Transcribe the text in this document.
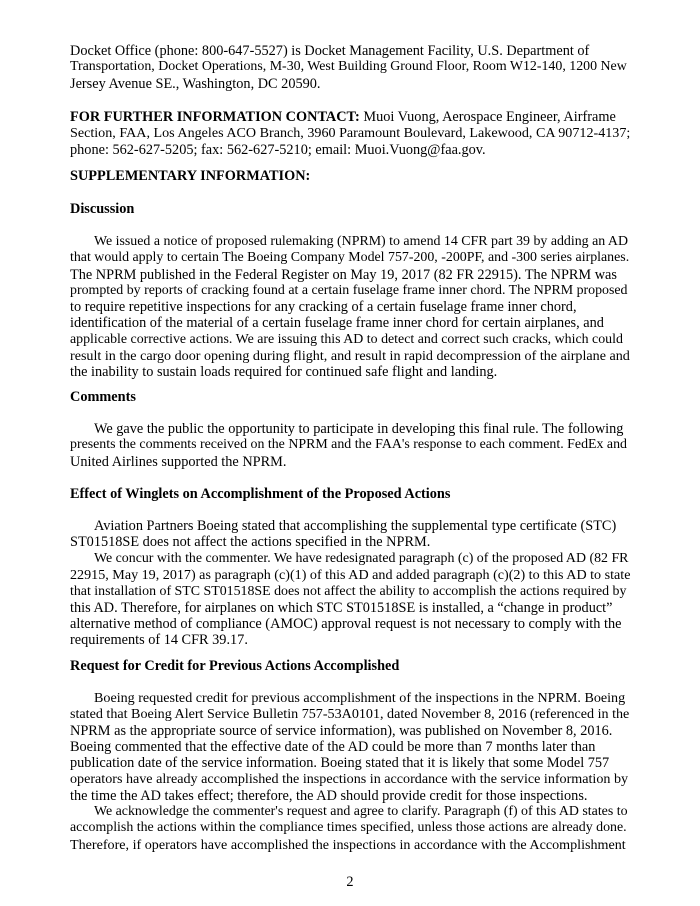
Docket Office (phone: 800-647-5527) is Docket Management Facility, U.S. Department of
Transportation, Docket Operations, M-30, West Building Ground Floor, Room W12-140, 1200 New
Jersey Avenue SE., Washington, DC 20590.
FOR FURTHER INFORMATION CONTACT: Muoi Vuong, Aerospace Engineer, Airframe
Section, FAA, Los Angeles ACO Branch, 3960 Paramount Boulevard, Lakewood, CA 90712-4137;
phone: 562-627-5205; fax: 562-627-5210; email: Muoi.Vuong@faa.gov.
SUPPLEMENTARY INFORMATION:
Discussion
We issued a notice of proposed rulemaking (NPRM) to amend 14 CFR part 39 by adding an AD
that would apply to certain The Boeing Company Model 757-200, -200PF, and -300 series airplanes.
The NPRM published in the Federal Register on May 19, 2017 (82 FR 22915). The NPRM was
prompted by reports of cracking found at a certain fuselage frame inner chord. The NPRM proposed
to require repetitive inspections for any cracking of a certain fuselage frame inner chord,
identification of the material of a certain fuselage frame inner chord for certain airplanes, and
applicable corrective actions. We are issuing this AD to detect and correct such cracks, which could
result in the cargo door opening during flight, and result in rapid decompression of the airplane and
the inability to sustain loads required for continued safe flight and landing.
Comments
We gave the public the opportunity to participate in developing this final rule. The following
presents the comments received on the NPRM and the FAA's response to each comment. FedEx and
United Airlines supported the NPRM.
Effect of Winglets on Accomplishment of the Proposed Actions
Aviation Partners Boeing stated that accomplishing the supplemental type certificate (STC)
ST01518SE does not affect the actions specified in the NPRM.
We concur with the commenter. We have redesignated paragraph (c) of the proposed AD (82 FR
22915, May 19, 2017) as paragraph (c)(1) of this AD and added paragraph (c)(2) to this AD to state
that installation of STC ST01518SE does not affect the ability to accomplish the actions required by
this AD. Therefore, for airplanes on which STC ST01518SE is installed, a “change in product”
alternative method of compliance (AMOC) approval request is not necessary to comply with the
requirements of 14 CFR 39.17.
Request for Credit for Previous Actions Accomplished
Boeing requested credit for previous accomplishment of the inspections in the NPRM. Boeing
stated that Boeing Alert Service Bulletin 757-53A0101, dated November 8, 2016 (referenced in the
NPRM as the appropriate source of service information), was published on November 8, 2016.
Boeing commented that the effective date of the AD could be more than 7 months later than
publication date of the service information. Boeing stated that it is likely that some Model 757
operators have already accomplished the inspections in accordance with the service information by
the time the AD takes effect; therefore, the AD should provide credit for those inspections.
We acknowledge the commenter's request and agree to clarify. Paragraph (f) of this AD states to
accomplish the actions within the compliance times specified, unless those actions are already done.
Therefore, if operators have accomplished the inspections in accordance with the Accomplishment
2
